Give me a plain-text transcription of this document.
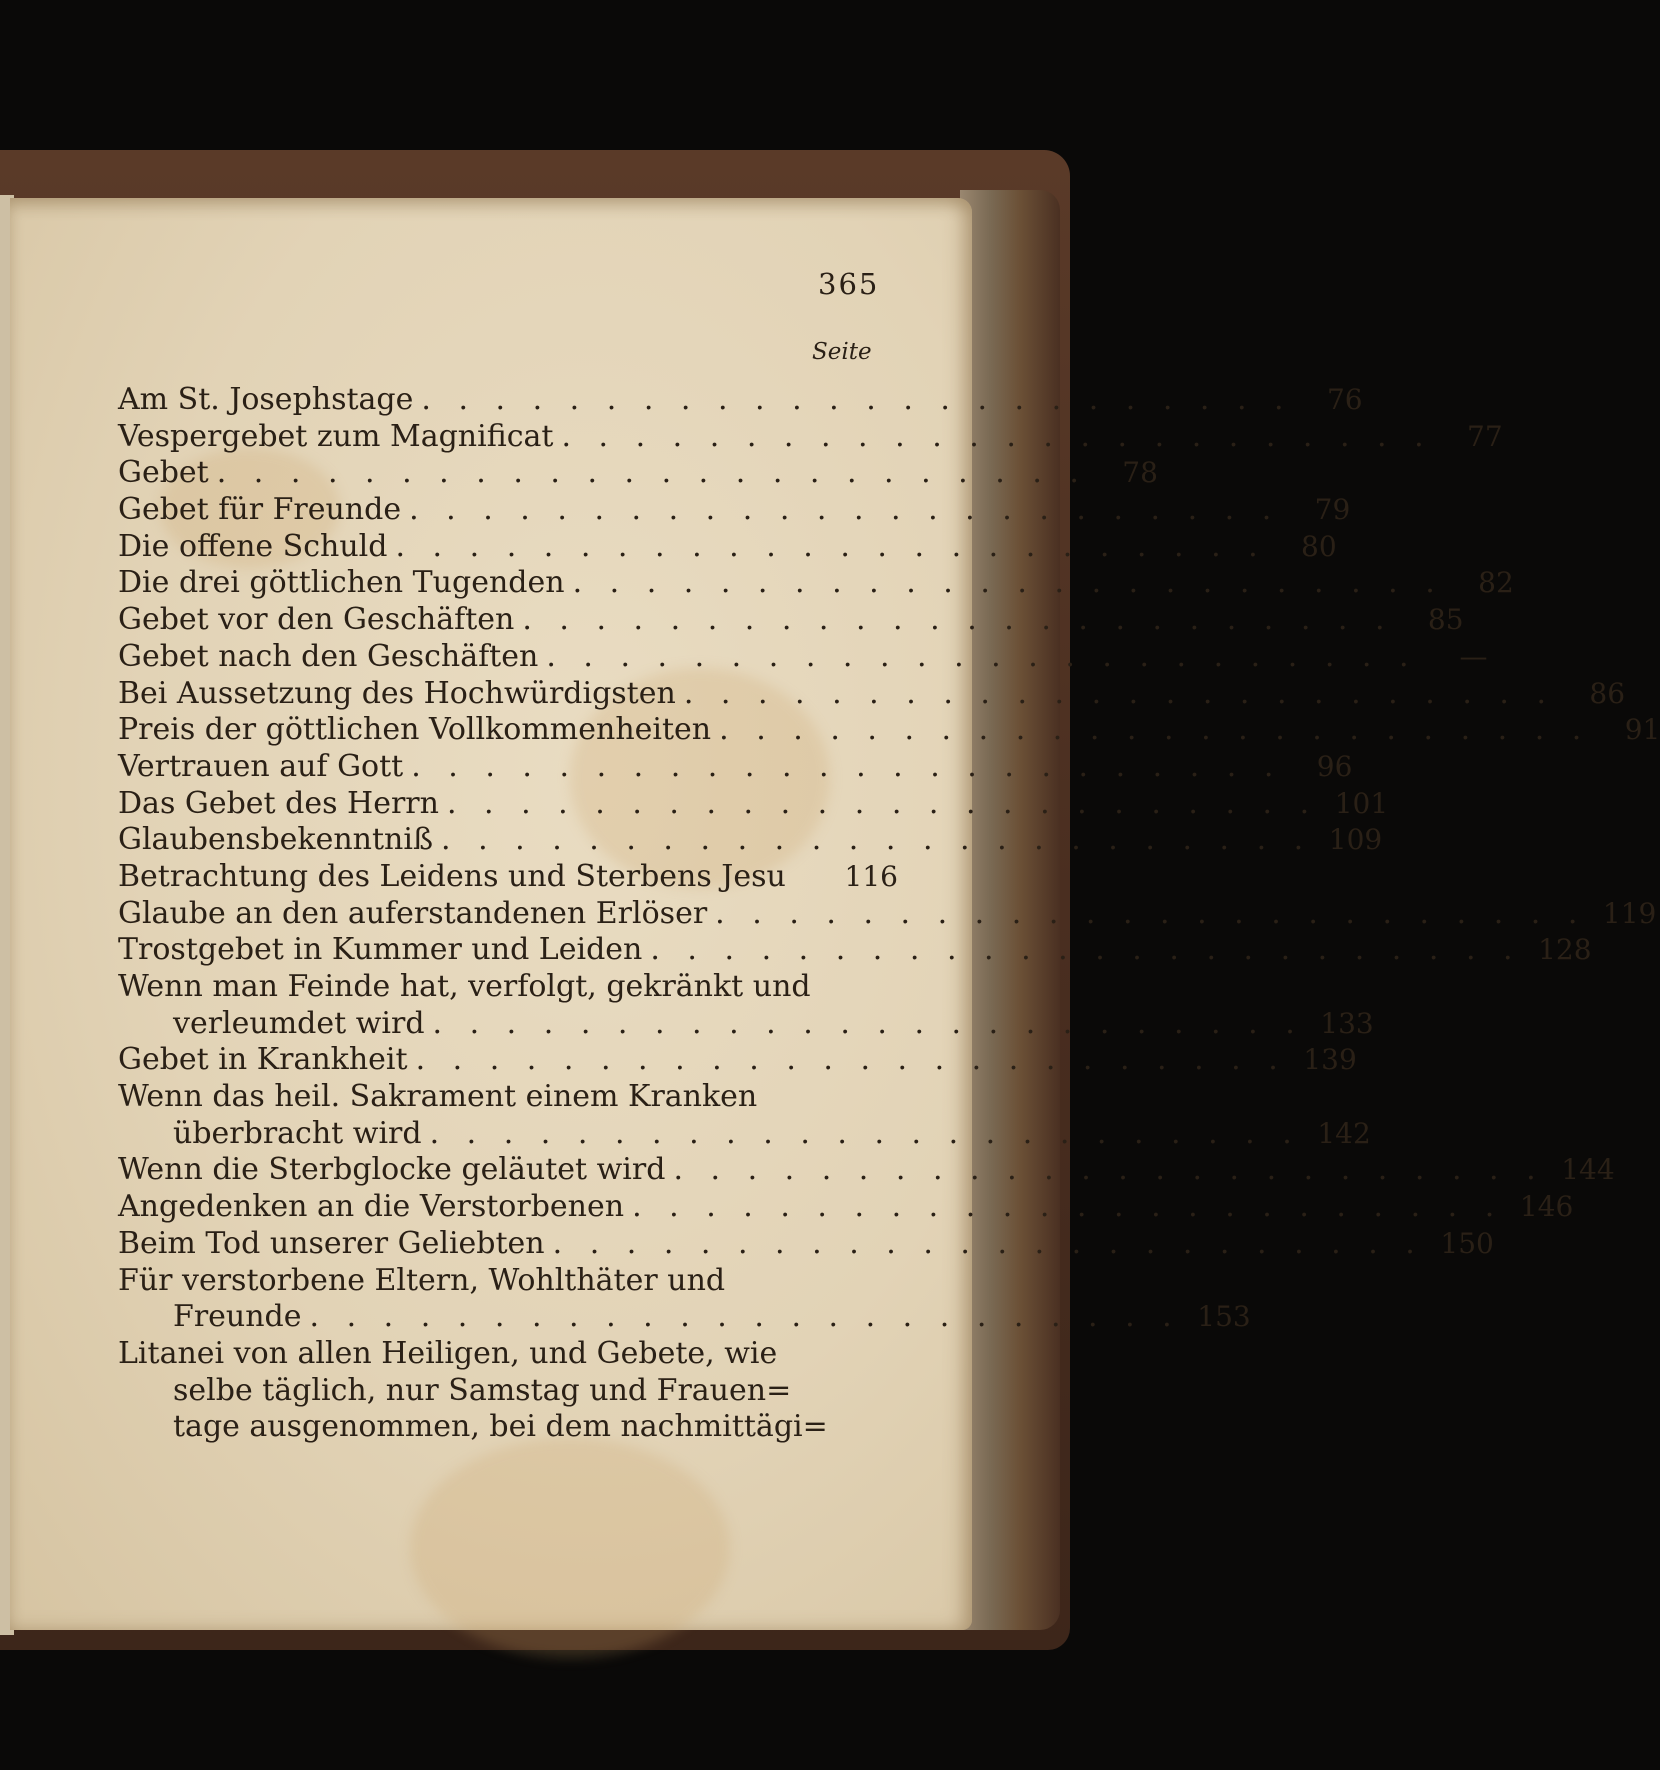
365
Seite
Am St. Josephstage . . . . . . . . . . . . . . . . . . . . . . . .	76
Vespergebet zum Magnificat . . . . . . . . . . . . . . . . . . . . . . . .	77
Gebet . . . . . . . . . . . . . . . . . . . . . . . .	78
Gebet für Freunde . . . . . . . . . . . . . . . . . . . . . . . .	79
Die offene Schuld . . . . . . . . . . . . . . . . . . . . . . . .	80
Die drei göttlichen Tugenden . . . . . . . . . . . . . . . . . . . . . . . .	82
Gebet vor den Geschäften . . . . . . . . . . . . . . . . . . . . . . . .	85
Gebet nach den Geschäften . . . . . . . . . . . . . . . . . . . . . . . .	—
Bei Aussetzung des Hochwürdigsten . . . . . . . . . . . . . . . . . . . . . . . .	86
Preis der göttlichen Vollkommenheiten . . . . . . . . . . . . . . . . . . . . . . . .	91
Vertrauen auf Gott . . . . . . . . . . . . . . . . . . . . . . . .	96
Das Gebet des Herrn . . . . . . . . . . . . . . . . . . . . . . . . 101
Glaubensbekenntniß . . . . . . . . . . . . . . . . . . . . . . . . 109
Betrachtung des Leidens und Sterbens Jesu	116
Glaube an den auferstandenen Erlöser . . . . . . . . . . . . . . . . . . . . . . . . 119
Trostgebet in Kummer und Leiden . . . . . . . . . . . . . . . . . . . . . . . . 128
Wenn man Feinde hat, verfolgt, gekränkt und
verleumdet wird . . . . . . . . . . . . . . . . . . . . . . . . 133
Gebet in Krankheit . . . . . . . . . . . . . . . . . . . . . . . . 139
Wenn das heil. Sakrament einem Kranken
überbracht wird . . . . . . . . . . . . . . . . . . . . . . . . 142
Wenn die Sterbglocke geläutet wird . . . . . . . . . . . . . . . . . . . . . . . . 144
Angedenken an die Verstorbenen . . . . . . . . . . . . . . . . . . . . . . . . 146
Beim Tod unserer Geliebten . . . . . . . . . . . . . . . . . . . . . . . . 150
Für verstorbene Eltern, Wohlthäter und
Freunde . . . . . . . . . . . . . . . . . . . . . . . . 153
Litanei von allen Heiligen, und Gebete, wie
selbe täglich, nur Samstag und Frauen=
tage ausgenommen, bei dem nachmittägi=
